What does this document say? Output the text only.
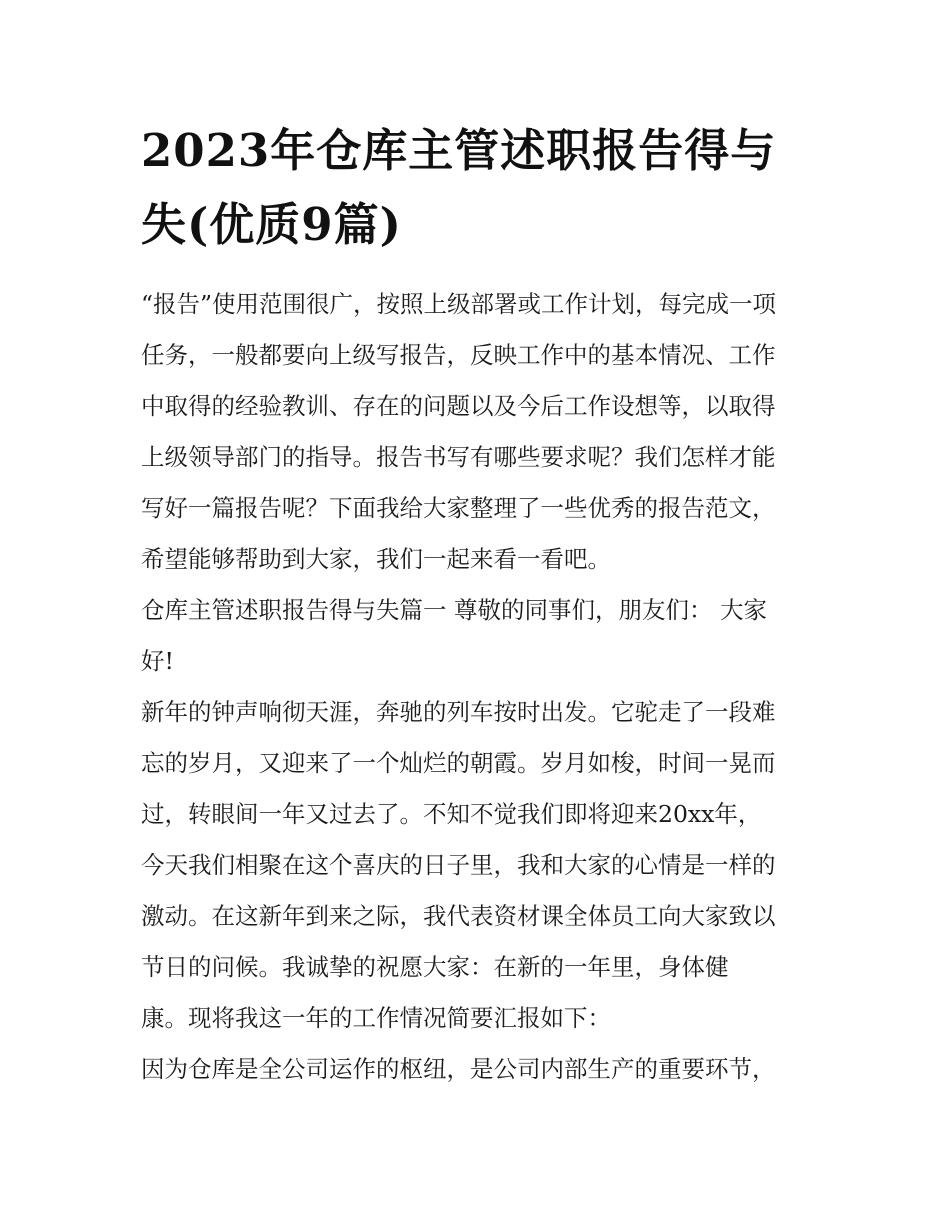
2023年仓库主管述职报告得与
失(优质9篇)
“报告”使用范围很广，按照上级部署或工作计划，每完成一项
任务，一般都要向上级写报告，反映工作中的基本情况、工作
中取得的经验教训、存在的问题以及今后工作设想等，以取得
上级领导部门的指导。报告书写有哪些要求呢？我们怎样才能
写好一篇报告呢？下面我给大家整理了一些优秀的报告范文，
希望能够帮助到大家，我们一起来看一看吧。
仓库主管述职报告得与失篇一 尊敬的同事们，朋友们： 大家
好!
新年的钟声响彻天涯，奔驰的列车按时出发。它驼走了一段难
忘的岁月，又迎来了一个灿烂的朝霞。岁月如梭，时间一晃而
过，转眼间一年又过去了。不知不觉我们即将迎来20xx年，
今天我们相聚在这个喜庆的日子里，我和大家的心情是一样的
激动。在这新年到来之际，我代表资材课全体员工向大家致以
节日的问候。我诚挚的祝愿大家：在新的一年里，身体健
康。现将我这一年的工作情况简要汇报如下：
因为仓库是全公司运作的枢纽，是公司内部生产的重要环节，
